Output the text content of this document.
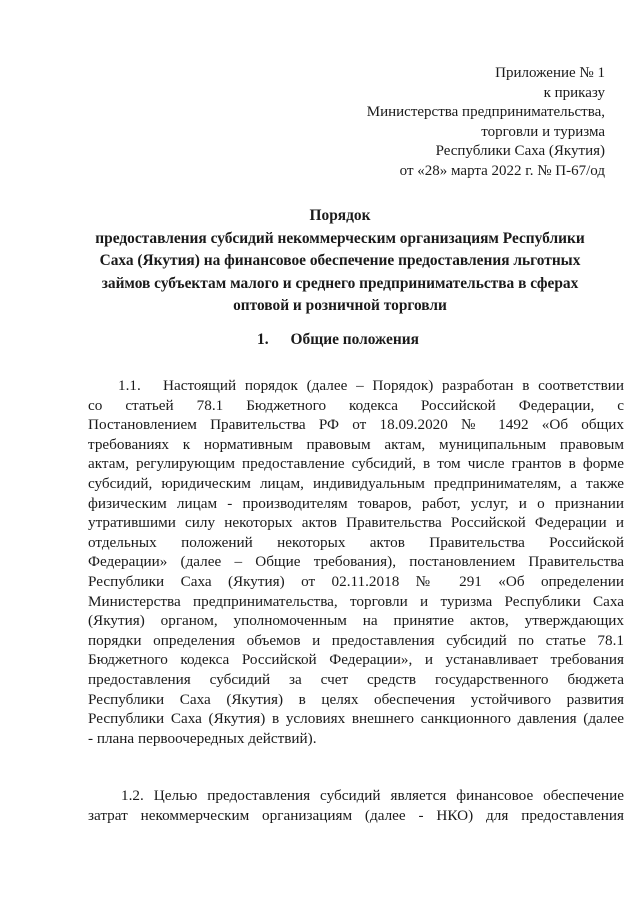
Приложение № 1
к приказу
Министерства предпринимательства,
торговли и туризма
Республики Саха (Якутия)
от «28» марта 2022 г. № П-67/од
Порядок
предоставления субсидий некоммерческим организациям Республики
Саха (Якутия) на финансовое обеспечение предоставления льготных
займов субъектам малого и среднего предпринимательства в сферах
оптовой и розничной торговли
1. Общие положения
1.1. Настоящий порядок (далее – Порядок) разработан в соответствии
со статьей 78.1 Бюджетного кодекса Российской Федерации, с
Постановлением Правительства РФ от 18.09.2020 № 1492 «Об общих
требованиях к нормативным правовым актам, муниципальным правовым
актам, регулирующим предоставление субсидий, в том числе грантов в форме
субсидий, юридическим лицам, индивидуальным предпринимателям, а также
физическим лицам - производителям товаров, работ, услуг, и о признании
утратившими силу некоторых актов Правительства Российской Федерации и
отдельных положений некоторых актов Правительства Российской
Федерации» (далее – Общие требования), постановлением Правительства
Республики Саха (Якутия) от 02.11.2018 № 291 «Об определении
Министерства предпринимательства, торговли и туризма Республики Саха
(Якутия) органом, уполномоченным на принятие актов, утверждающих
порядки определения объемов и предоставления субсидий по статье 78.1
Бюджетного кодекса Российской Федерации», и устанавливает требования
предоставления субсидий за счет средств государственного бюджета
Республики Саха (Якутия) в целях обеспечения устойчивого развития
Республики Саха (Якутия) в условиях внешнего санкционного давления (далее
- плана первоочередных действий).
1.2. Целью предоставления субсидий является финансовое обеспечение
затрат некоммерческим организациям (далее - НКО) для предоставления
